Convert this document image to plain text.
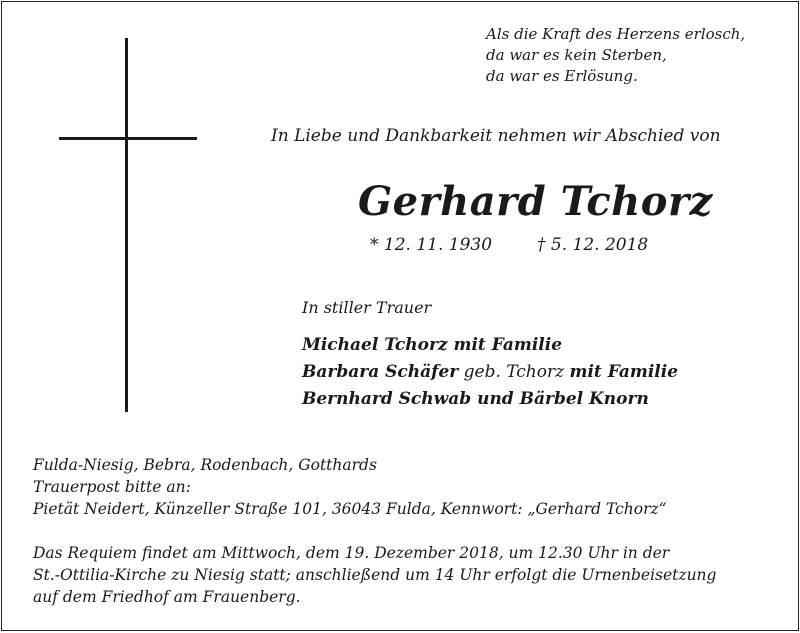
Als die Kraft des Herzens erlosch,
da war es kein Sterben,
da war es Erlösung.
In Liebe und Dankbarkeit nehmen wir Abschied von
Gerhard Tchorz
* 12. 11. 1930	† 5. 12. 2018
In stiller Trauer
Michael Tchorz mit Familie
Barbara Schäfer geb. Tchorz mit Familie
Bernhard Schwab und Bärbel Knorn
Fulda-Niesig, Bebra, Rodenbach, Gotthards
Trauerpost bitte an:
Pietät Neidert, Künzeller Straße 101, 36043 Fulda, Kennwort: „Gerhard Tchorz“
Das Requiem findet am Mittwoch, dem 19. Dezember 2018, um 12.30 Uhr in der
St.-Ottilia-Kirche zu Niesig statt; anschließend um 14 Uhr erfolgt die Urnenbeisetzung
auf dem Friedhof am Frauenberg.
